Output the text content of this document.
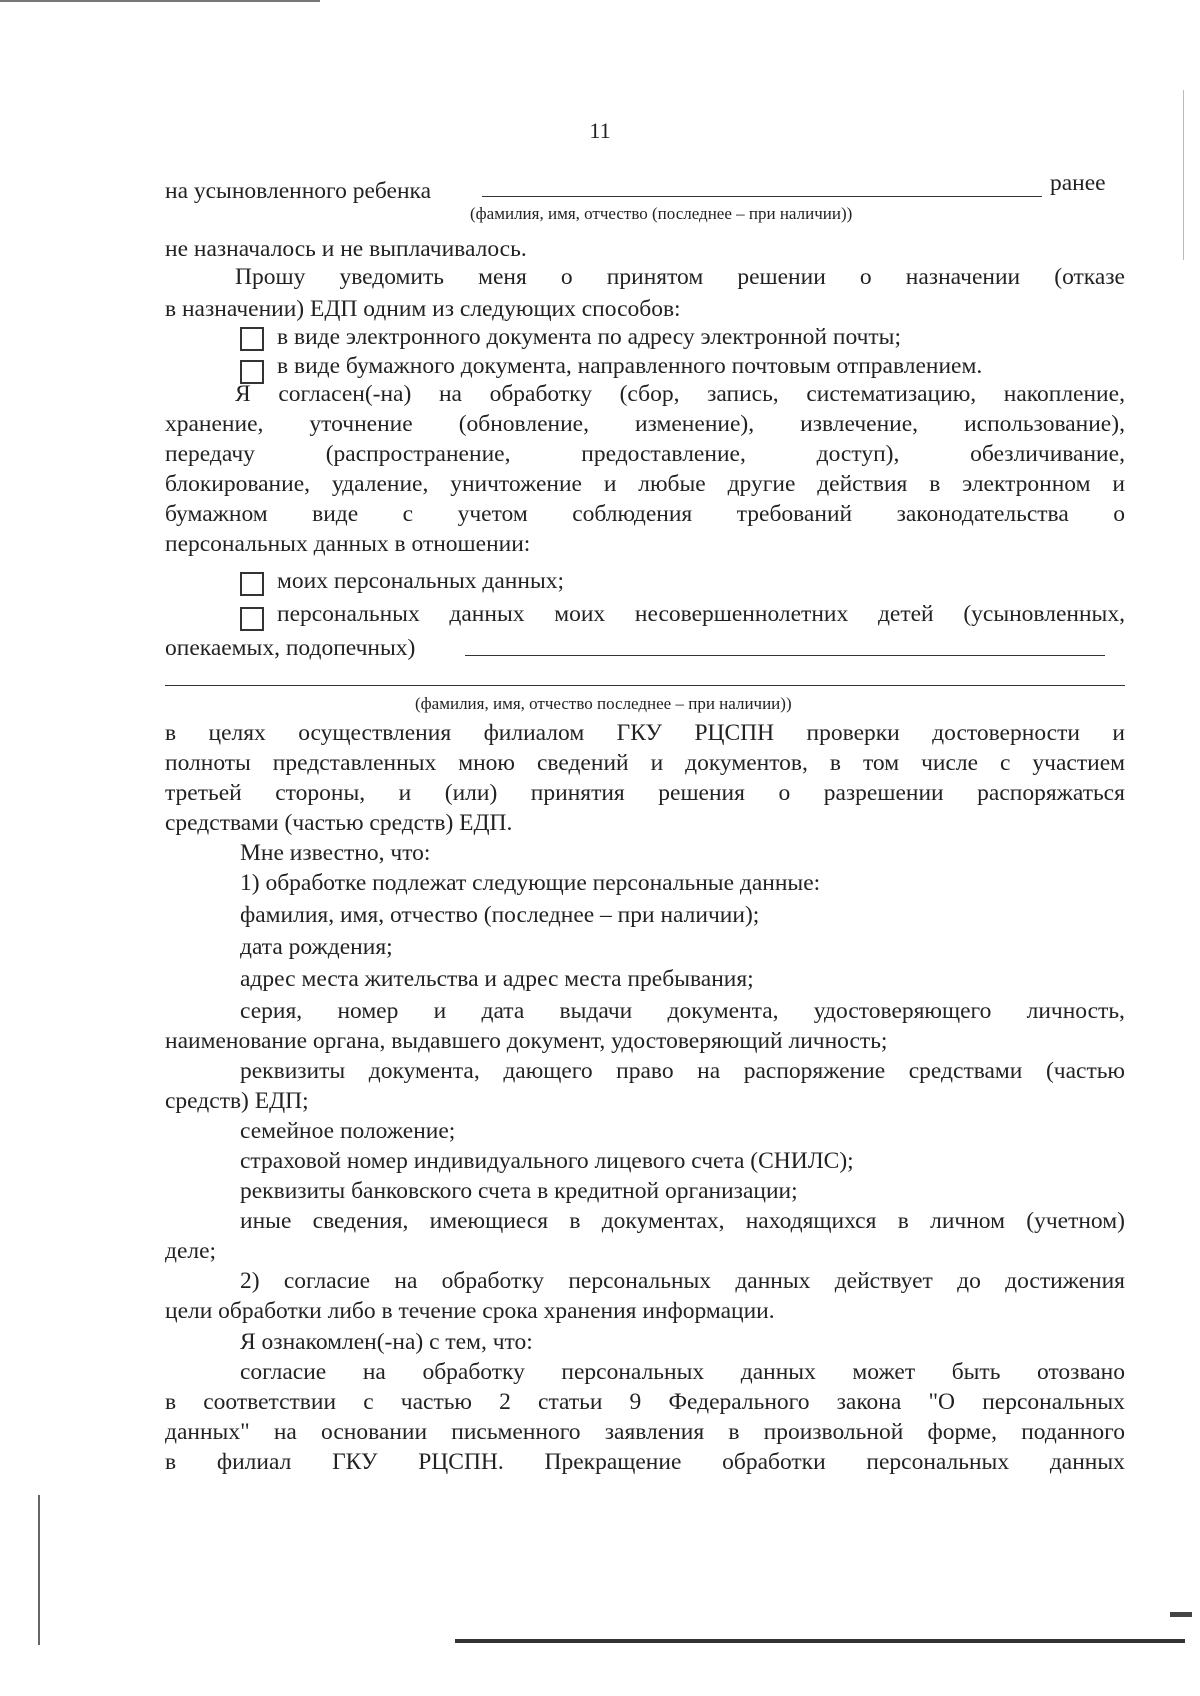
11
на усыновленного ребенка	ранее
(фамилия, имя, отчество (последнее – при наличии))
не назначалось и не выплачивалось.
Прошу уведомить меня о принятом решении о назначении (отказе
в назначении) ЕДП одним из следующих способов:
в виде электронного документа по адресу электронной почты;
в виде бумажного документа, направленного почтовым отправлением.
Я согласен(-на) на обработку (сбор, запись, систематизацию, накопление,
хранение, уточнение (обновление, изменение), извлечение, использование),
передачу	(распространение,	предоставление,	доступ),	обезличивание,
блокирование, удаление, уничтожение и любые другие действия в электронном и
бумажном виде с учетом соблюдения требований законодательства о
персональных данных в отношении:
моих персональных данных;
персональных данных моих несовершеннолетних детей (усыновленных,
опекаемых, подопечных)
(фамилия, имя, отчество последнее – при наличии))
в целях осуществления филиалом ГКУ РЦСПН проверки достоверности и
полноты представленных мною сведений и документов, в том числе с участием
третьей стороны, и (или) принятия решения о разрешении распоряжаться
средствами (частью средств) ЕДП.
Мне известно, что:
1) обработке подлежат следующие персональные данные:
фамилия, имя, отчество (последнее – при наличии);
дата рождения;
адрес места жительства и адрес места пребывания;
серия, номер и дата выдачи документа, удостоверяющего личность,
наименование органа, выдавшего документ, удостоверяющий личность;
реквизиты документа, дающего право на распоряжение средствами (частью
средств) ЕДП;
семейное положение;
страховой номер индивидуального лицевого счета (СНИЛС);
реквизиты банковского счета в кредитной организации;
иные сведения, имеющиеся в документах, находящихся в личном (учетном)
деле;
2) согласие на обработку персональных данных действует до достижения
цели обработки либо в течение срока хранения информации.
Я ознакомлен(-на) с тем, что:
согласие на обработку персональных данных может быть отозвано
в соответствии с частью 2 статьи 9 Федерального закона "О персональных
данных" на основании письменного заявления в произвольной форме, поданного
в филиал ГКУ РЦСПН. Прекращение обработки персональных данных
